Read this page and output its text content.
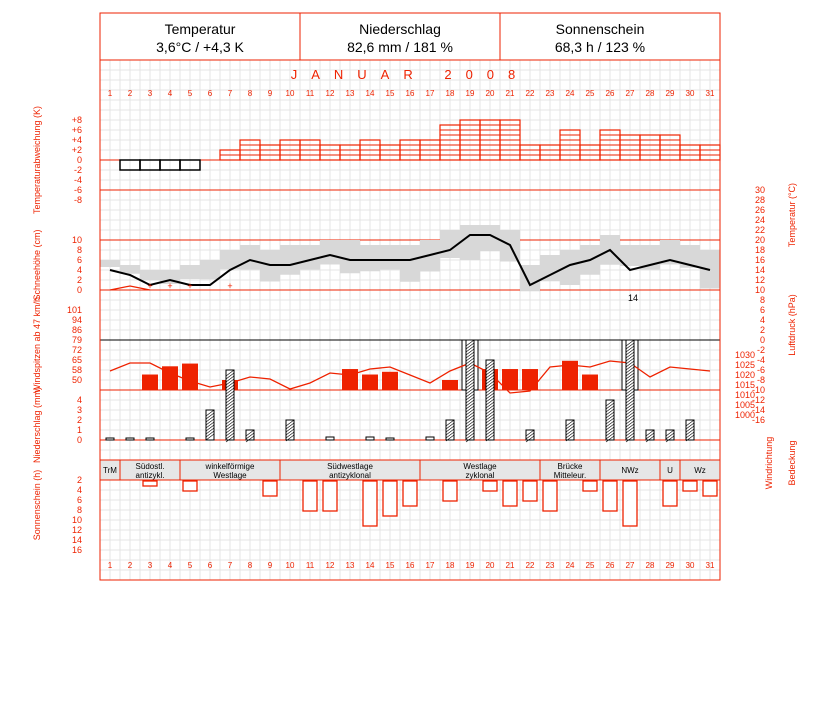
Temperatur
3,6°C / +4,3 K
Niederschlag
82,6 mm / 181 %
Sonnenschein
68,3 h / 123 %
JANUAR 2008
Temperaturabweichung (K)
Schneehöhe (cm)
Windspitzen ab 47 km/h
Niederschlag (mm)
Sonnenschein (h)
Temperatur (°C)
Luftdruck (hPa)
Windrichtung Bedeckung
+8
+6
+4
+2
0
-2
-4
-6
-8
10
8
6
4
2
0
101
94
86
79
72
65
58
50
4
3
2
1
0
2
4
6
8
10
12
14
16
30
28
26
24
22
20
18
16
14
12
10
8
6
4
2
0
-2
-4
-6
-8
-10
-12
-14
-16
1030
1025
1020
1015
1010
1005
1000
1
1
2
2
3
3
4
4
5
5
6
6
7
7
8
8
9
9
10
10
11
11
12
12
13
13
14
14
15
15
16
16
17
17
18
18
19
19
20
20
21
21
22
22
23
23
24
24
25
25
26
26
27
27
28
28
29
29
30
30
31
31
+ + +	+
TrM Südostl.
antizykl.
winkelförmige
Westlage
Südwestlage
antizyklonal
Westlage
zyklonal
Brücke
Mitteleur.
NWz	U	Wz
14
